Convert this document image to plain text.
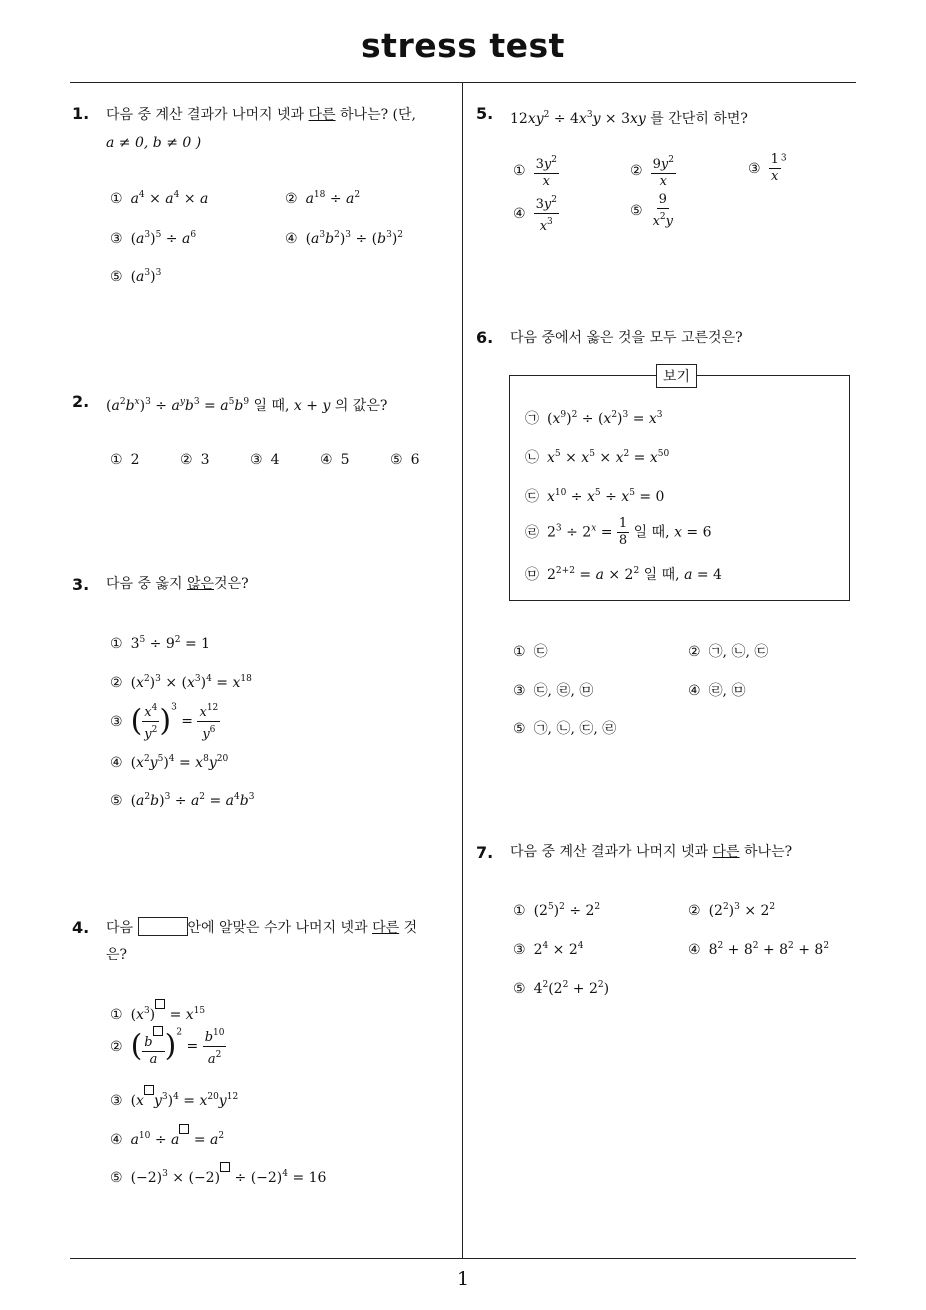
stress test
1
1. 다음 중 계산 결과가 나머지 넷과 다른 하나는? (단,
a ≠ 0, b ≠ 0 )
① $a^4 \times a^4 \times a$	② $a^{18} \div a^2$
③ $(a^3)^5 \div a^6$	④ $(a^3b^2)^3 \div (b^3)^2$
⑤ $(a^3)^3$
2. $(a^2b^x)^3 \div a^yb^3 = a^5b^9$ 일 때, x + y 의 값은?
① 2	② 3	③ 4	④ 5	⑤ 6
3. 다음 중 옳지 않은것은?
① $3^5 \div 9^2 = 1$
② $(x^2)^3 \times (x^3)^4 = x^{18}$
③ ( $\frac{x^4}{y^2} )^3 = \frac{x^{12}}{y^6}$
④ $(x^2y^5)^4 = x^8y^{20}$
⑤ $(a^2b)^3 \div a^2 = a^4b^3$
4. 다음	안에 알맞은 수가 나머지 넷과 다른 것
은?
① $(x^3) = x^{15}$
② ( $\frac{b}{a} )^2 = \frac{b^{10}}{a^2}$
③ (x $y^3)^4 = x^{20}y^{12}$
④ $a^{10} \div a = a^2$
⑤ $(-2)^3 \times (-2) \div (-2)^4 = 16$
5. $12xy^2 \div 4x^3y \times 3xy$ 를 간단히 하면?
① $\frac{3y^2}{x}$	② $\frac{9y^2}{x}$	③ $\frac{1}{x} ^3$
④ $\frac{3y^2}{x^3}$	⑤ $\frac{9}{x^2y}$
6. 다음 중에서 옳은 것을 모두 고른것은?
보기
㉠ $(x^9)^2 \div (x^2)^3 = x^3$
㉡ $x^5 \times x^5 \times x^2 = x^{50}$
㉢ $x^{10} \div x^5 \div x^5 = 0$
㉣ $2^3 \div 2^x = \frac{1}{8}$ 일 때, x = 6
㉤ $2^{2+2} = a \times 2^2$ 일 때, a = 4
① ㉢	② ㉠, ㉡, ㉢
③ ㉢, ㉣, ㉤	④ ㉣, ㉤
⑤ ㉠, ㉡, ㉢, ㉣
7. 다음 중 계산 결과가 나머지 넷과 다른 하나는?
① $(2^5)^2 \div 2^2$	② $(2^2)^3 \times 2^2$
③ $2^4 \times 2^4$	④ $8^2 + 8^2 + 8^2 + 8^2$
⑤ $4^2(2^2 + 2^2)$
